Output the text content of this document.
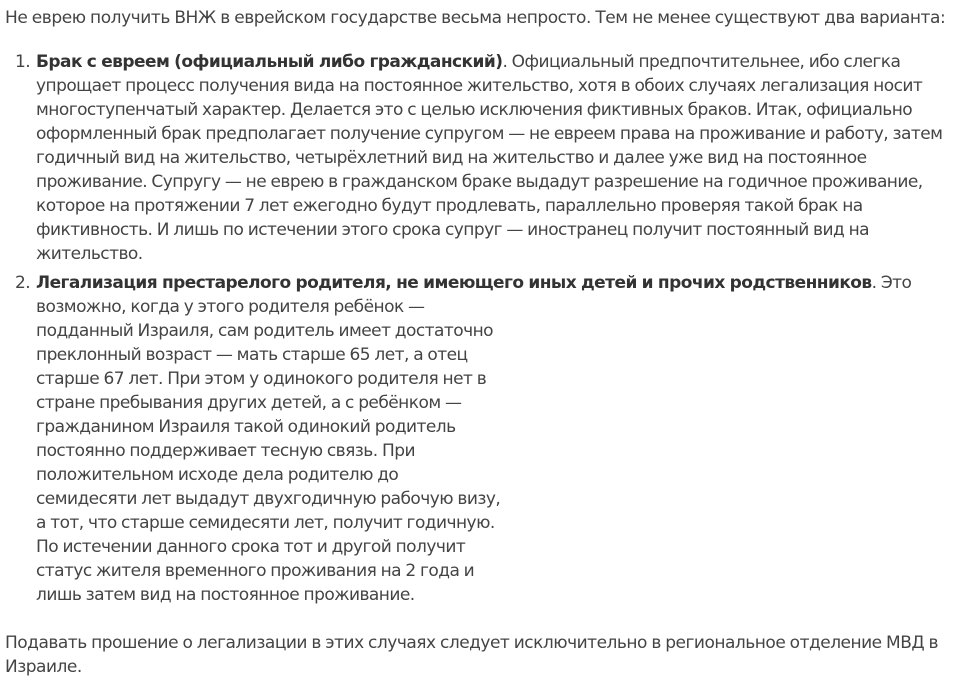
Не еврею получить ВНЖ в еврейском государстве весьма непросто. Тем не менее существуют два варианта:

1. Брак с евреем (официальный либо гражданский). Официальный предпочтительнее, ибо слегка упрощает процесс получения вида на постоянное жительство, хотя в обоих случаях легализация носит многоступенчатый характер. Делается это с целью исключения фиктивных браков. Итак, официально оформленный брак предполагает получение супругом — не евреем права на проживание и работу, затем годичный вид на жительство, четырёхлетний вид на жительство и далее уже вид на постоянное проживание. Супругу — не еврею в гражданском браке выдадут разрешение на годичное проживание, которое на протяжении 7 лет ежегодно будут продлевать, параллельно проверяя такой брак на фиктивность. И лишь по истечении этого срока супруг — иностранец получит постоянный вид на жительство.
2. Легализация престарелого родителя, не имеющего иных детей и прочих родственников. Это
возможно, когда у этого родителя ребёнок — подданный Израиля, сам родитель имеет достаточно преклонный возраст — мать старше 65 лет, а отец старше 67 лет. При этом у одинокого родителя нет в стране пребывания других детей, а с ребёнком — гражданином Израиля такой одинокий родитель постоянно поддерживает тесную связь. При положительном исходе дела родителю до семидесяти лет выдадут двухгодичную рабочую визу, а тот, что старше семидесяти лет, получит годичную. По истечении данного срока тот и другой получит статус жителя временного проживания на 2 года и лишь затем вид на постоянное проживание.

Подавать прошение о легализации в этих случаях следует исключительно в региональное отделение МВД в Израиле.
